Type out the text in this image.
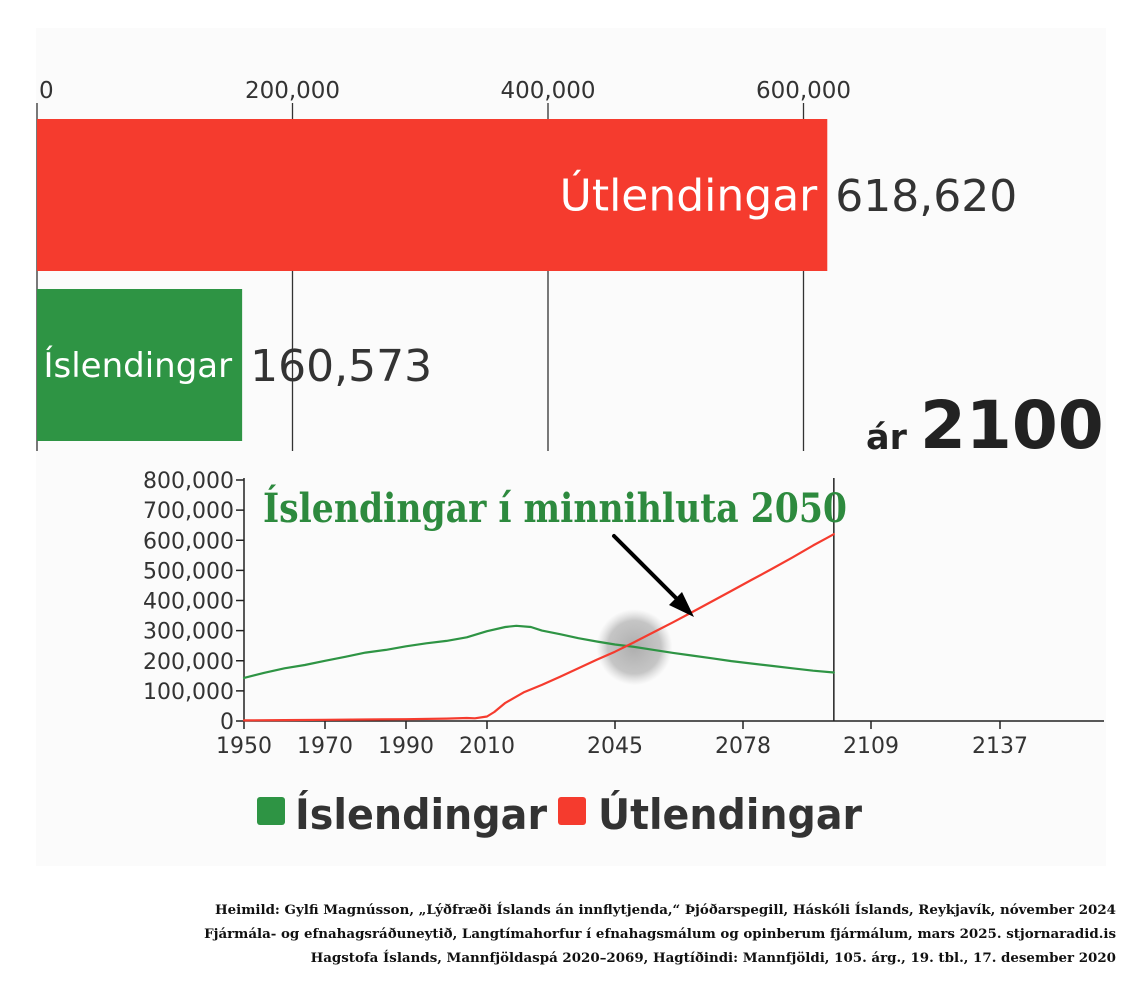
0	200,000	400,000	600,000
Útlendingar 618,620
Íslendingar 160,573
ár 2100
0
100,000
200,000
300,000
400,000
500,000
600,000
700,000
800,000
1950 1970 1990 2010	2045	2078	2109	2137
Íslendingar í minnihluta 2050
Íslendingar Útlendingar
Heimild: Gylfi Magnússon, „Lýðfræði Íslands án innflytjenda,“ Þjóðarspegill, Háskóli Íslands, Reykjavík, nóvember 2024
Fjármála- og efnahagsráðuneytið, Langtímahorfur í efnahagsmálum og opinberum fjármálum, mars 2025. stjornaradid.is
Hagstofa Íslands, Mannfjöldaspá 2020–2069, Hagtíðindi: Mannfjöldi, 105. árg., 19. tbl., 17. desember 2020
